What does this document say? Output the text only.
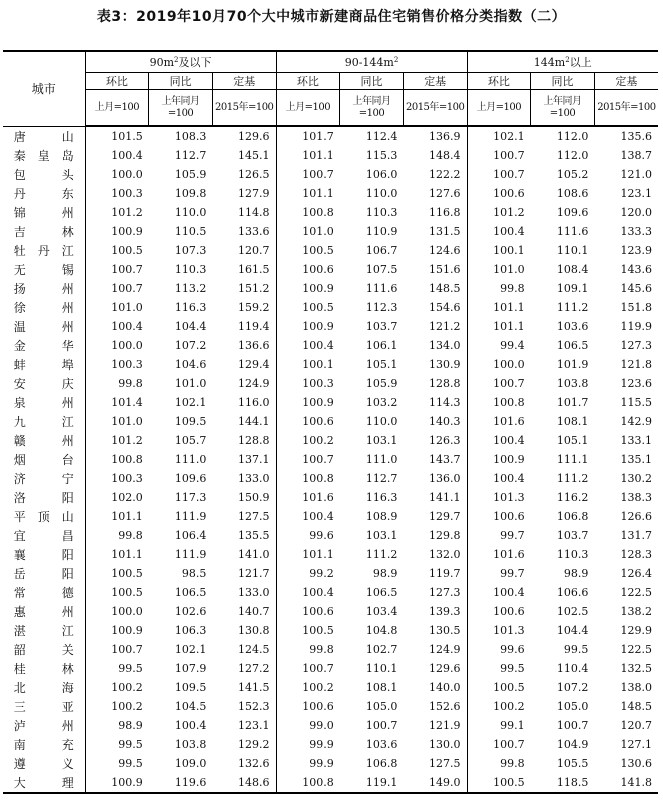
表3：2019年10月70个大中城市新建商品住宅销售价格分类指数（二）
城市	$90m^2$及以下			$90-144m^2$			$144m^2$以上		
	环比	同比	定基	环比	同比	定基	环比	同比	定基
	上月=100	上年同月=100	2015年=100	上月=100	上年同月=100	2015年=100	上月=100	上年同月=100	2015年=100
唐山	101.5	108.3	129.6	101.7	112.4	136.9	102.1	112.0	135.6
秦皇岛	100.4	112.7	145.1	101.1	115.3	148.4	100.7	112.0	138.7
包头	100.0	105.9	126.5	100.7	106.0	122.2	100.7	105.2	121.0
丹东	100.3	109.8	127.9	101.1	110.0	127.6	100.6	108.6	123.1
锦州	101.2	110.0	114.8	100.8	110.3	116.8	101.2	109.6	120.0
吉林	100.9	110.5	133.6	101.0	110.9	131.5	100.4	111.6	133.3
牡丹江	100.5	107.3	120.7	100.5	106.7	124.6	100.1	110.1	123.9
无锡	100.7	110.3	161.5	100.6	107.5	151.6	101.0	108.4	143.6
扬州	100.7	113.2	151.2	100.9	111.6	148.5	99.8	109.1	145.6
徐州	101.0	116.3	159.2	100.5	112.3	154.6	101.1	111.2	151.8
温州	100.4	104.4	119.4	100.9	103.7	121.2	101.1	103.6	119.9
金华	100.0	107.2	136.6	100.4	106.1	134.0	99.4	106.5	127.3
蚌埠	100.3	104.6	129.4	100.1	105.1	130.9	100.0	101.9	121.8
安庆	99.8	101.0	124.9	100.3	105.9	128.8	100.7	103.8	123.6
泉州	101.4	102.1	116.0	100.9	103.2	114.3	100.8	101.7	115.5
九江	101.0	109.5	144.1	100.6	110.0	140.3	101.6	108.1	142.9
赣州	101.2	105.7	128.8	100.2	103.1	126.3	100.4	105.1	133.1
烟台	100.8	111.0	137.1	100.7	111.0	143.7	100.9	111.1	135.1
济宁	100.3	109.6	133.0	100.8	112.7	136.0	100.4	111.2	130.2
洛阳	102.0	117.3	150.9	101.6	116.3	141.1	101.3	116.2	138.3
平顶山	101.1	111.9	127.5	100.4	108.9	129.7	100.6	106.8	126.6
宜昌	99.8	106.4	135.5	99.6	103.1	129.8	99.7	103.7	131.7
襄阳	101.1	111.9	141.0	101.1	111.2	132.0	101.6	110.3	128.3
岳阳	100.5	98.5	121.7	99.2	98.9	119.7	99.7	98.9	126.4
常德	100.5	106.5	133.0	100.4	106.5	127.3	100.4	106.6	122.5
惠州	100.0	102.6	140.7	100.6	103.4	139.3	100.6	102.5	138.2
湛江	100.9	106.3	130.8	100.5	104.8	130.5	101.3	104.4	129.9
韶关	100.7	102.1	124.5	99.8	102.7	124.9	99.6	99.5	122.5
桂林	99.5	107.9	127.2	100.7	110.1	129.6	99.5	110.4	132.5
北海	100.2	109.5	141.5	100.2	108.1	140.0	100.5	107.2	138.0
三亚	100.2	104.5	152.3	100.6	105.0	152.6	100.2	105.0	148.5
泸州	98.9	100.4	123.1	99.0	100.7	121.9	99.1	100.7	120.7
南充	99.5	103.8	129.2	99.9	103.6	130.0	100.7	104.9	127.1
遵义	99.5	109.0	132.6	99.9	106.8	127.5	99.8	105.5	130.6
大理	100.9	119.6	148.6	100.8	119.1	149.0	100.5	118.5	141.8
